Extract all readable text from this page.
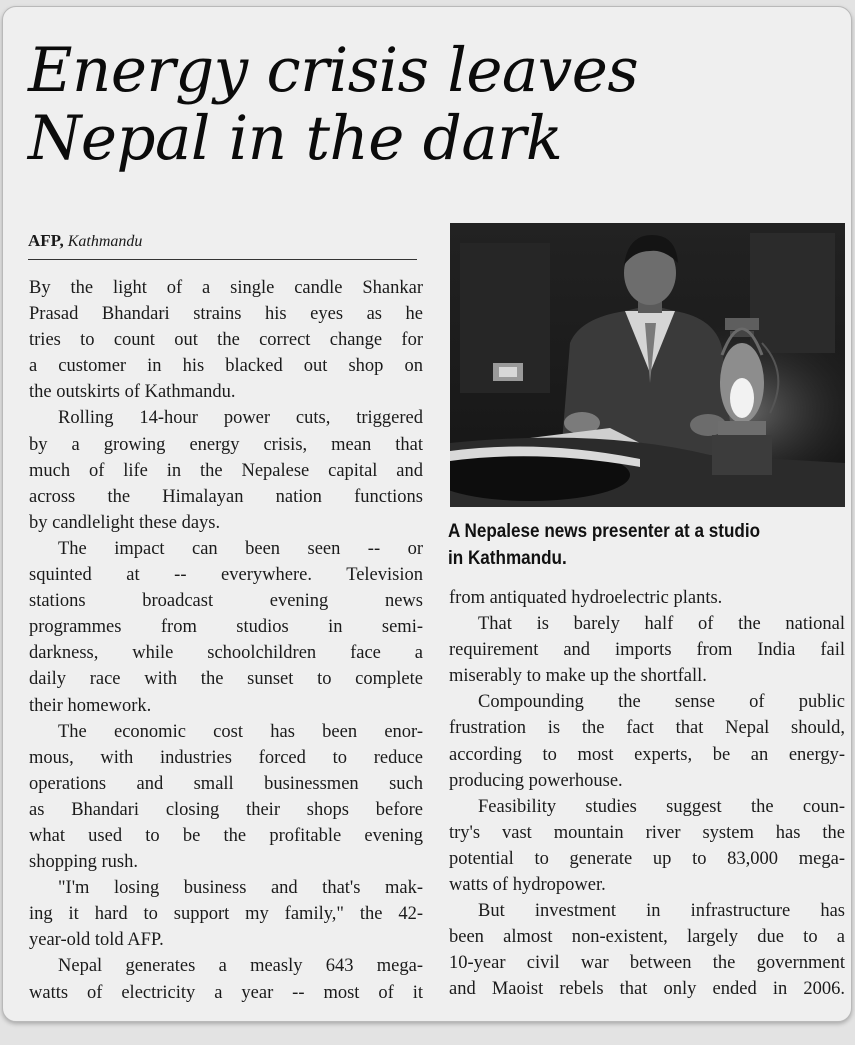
Energy crisis leaves
Nepal in the dark
AFP, Kathmandu
By the light of a single candle Shankar
Prasad Bhandari strains his eyes as he
tries to count out the correct change for
a customer in his blacked out shop on
the outskirts of Kathmandu.
Rolling 14-hour power cuts, triggered
by a growing energy crisis, mean that
much of life in the Nepalese capital and
across the Himalayan nation functions
by candlelight these days.
The impact can been seen -- or
squinted at -- everywhere. Television
stations broadcast evening news
programmes from studios in semi-
darkness, while schoolchildren face a
daily race with the sunset to complete
their homework.
The economic cost has been enor-
mous, with industries forced to reduce
operations and small businessmen such
as Bhandari closing their shops before
what used to be the profitable evening
shopping rush.
"I'm losing business and that's mak-
ing it hard to support my family," the 42-
year-old told AFP.
Nepal generates a measly 643 mega-
watts of electricity a year -- most of it
A Nepalese news presenter at a studio
in Kathmandu.
from antiquated hydroelectric plants.
That is barely half of the national
requirement and imports from India fail
miserably to make up the shortfall.
Compounding the sense of public
frustration is the fact that Nepal should,
according to most experts, be an energy-
producing powerhouse.
Feasibility studies suggest the coun-
try's vast mountain river system has the
potential to generate up to 83,000 mega-
watts of hydropower.
But investment in infrastructure has
been almost non-existent, largely due to a
10-year civil war between the government
and Maoist rebels that only ended in 2006.
